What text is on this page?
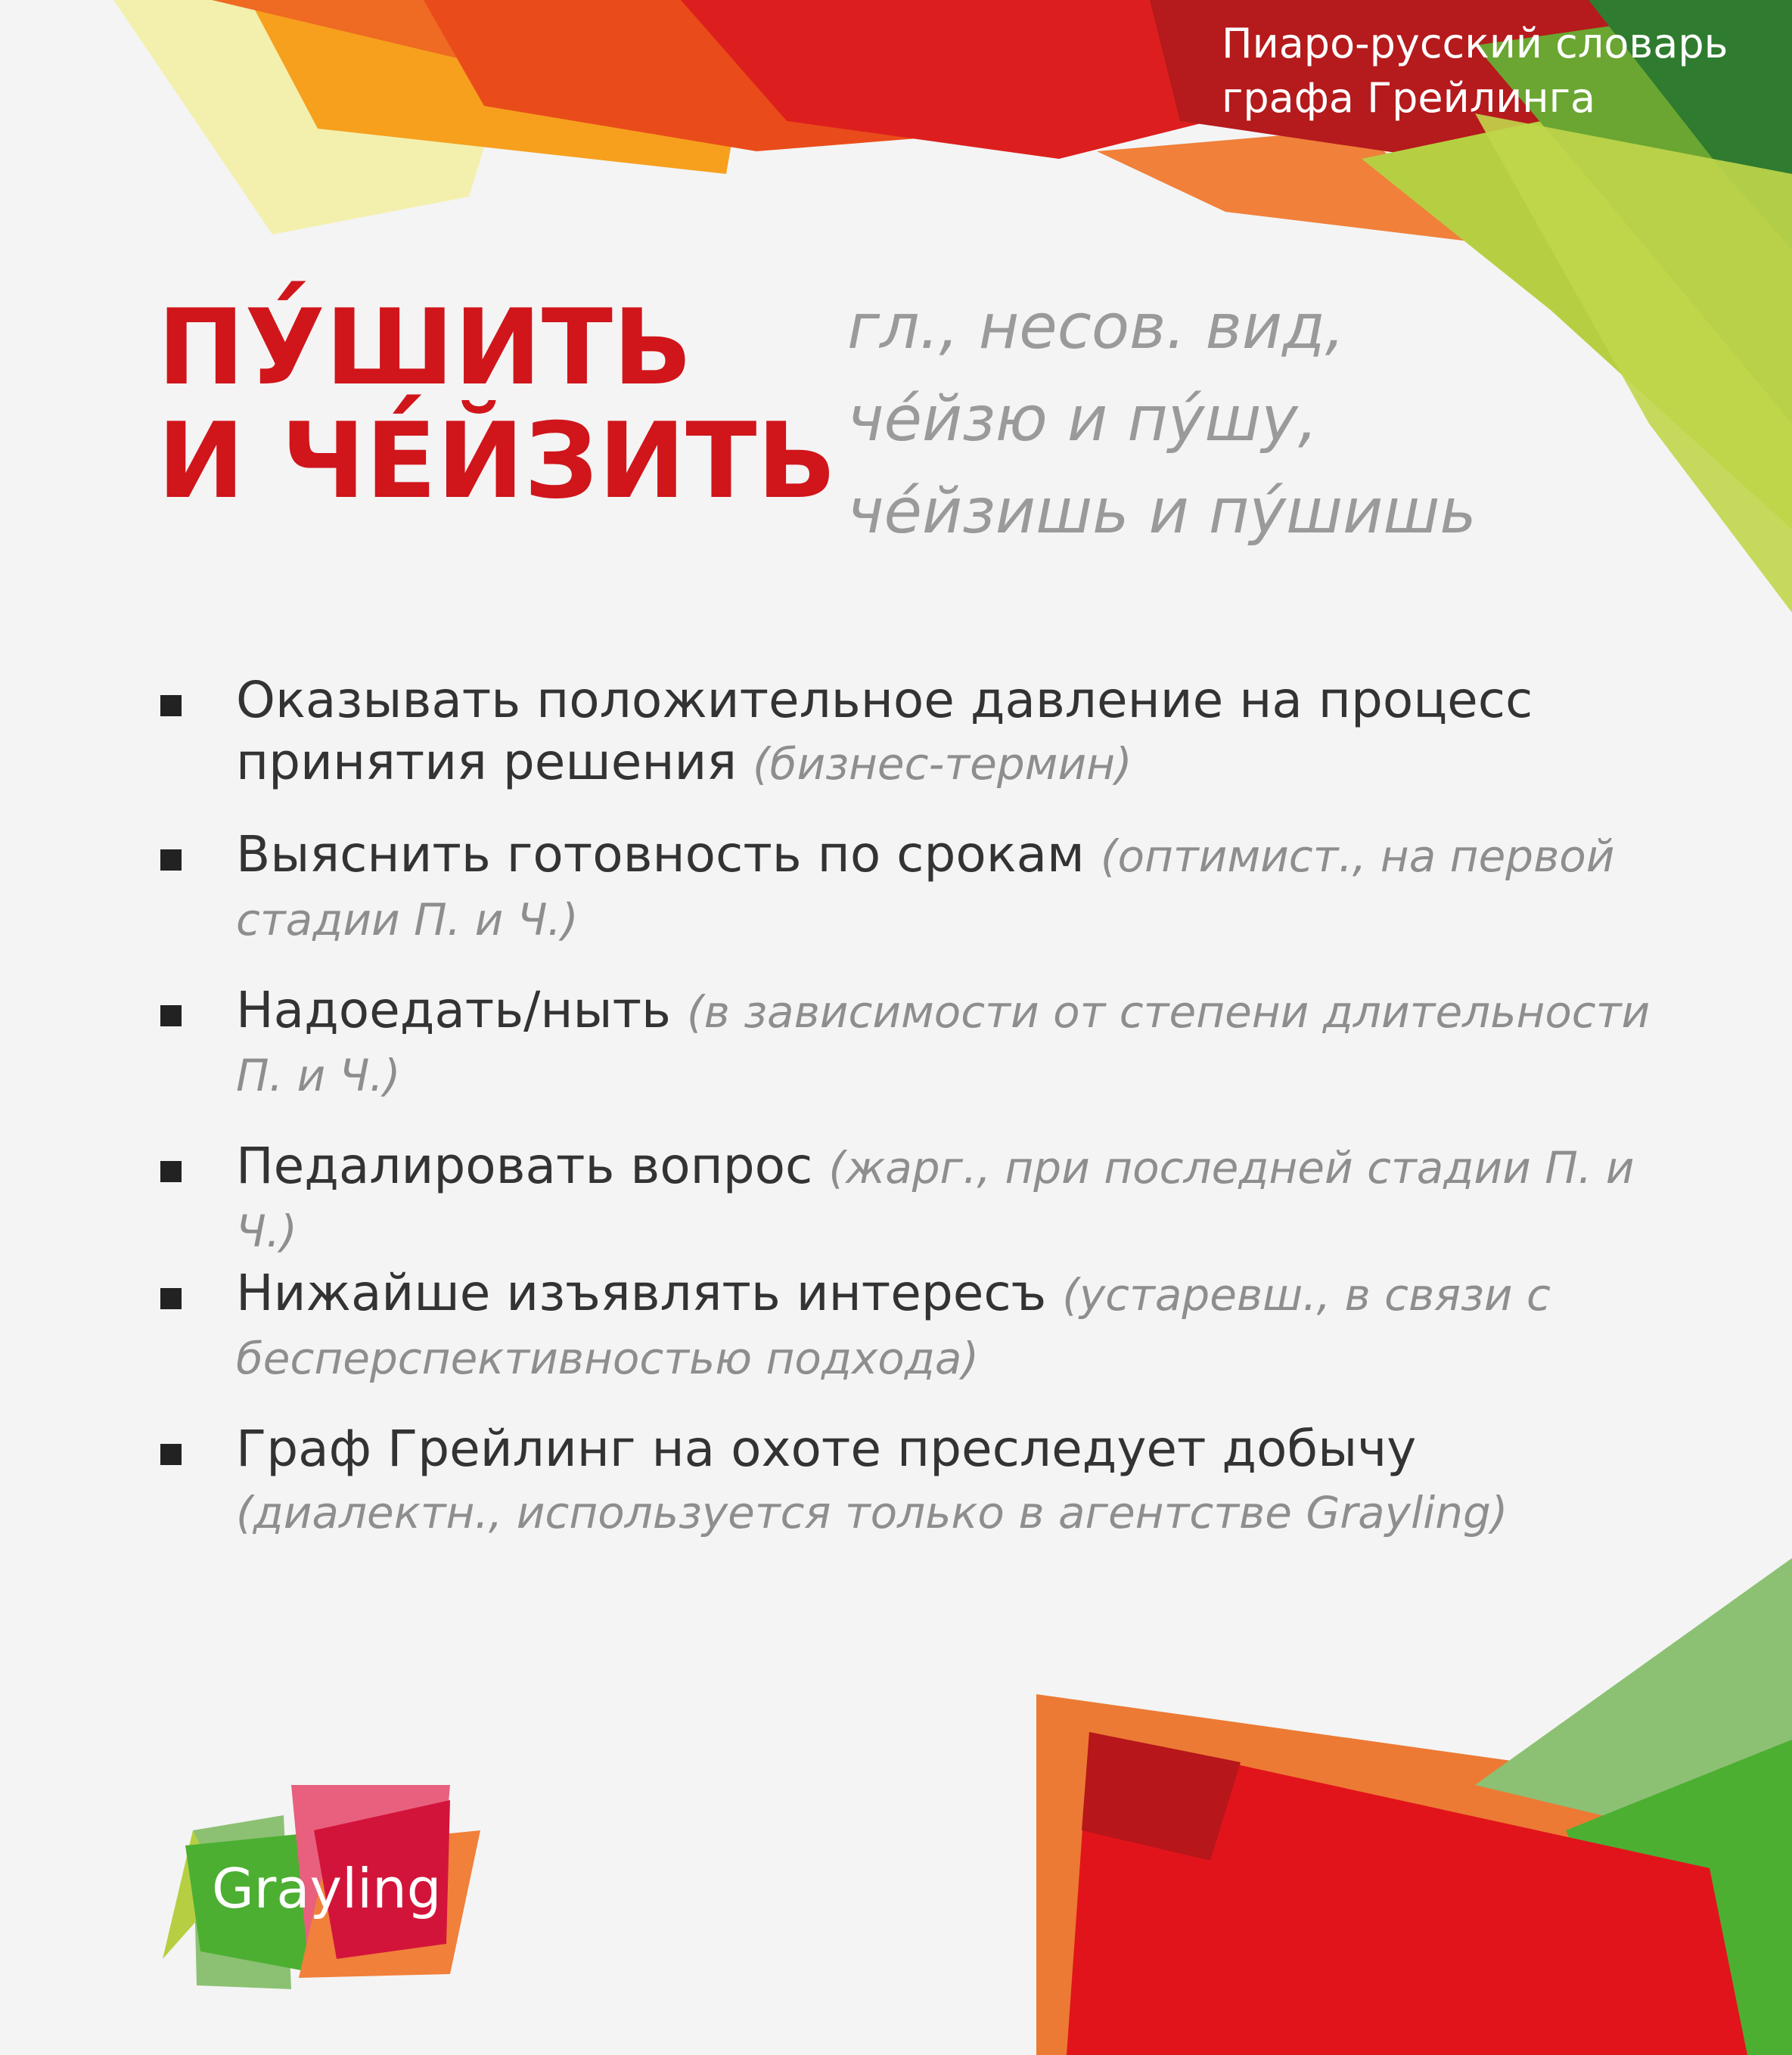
Пиаро-русский словарь
графа Грейлинга
ПУ́ШИТЬ
И ЧЕ́ЙЗИТЬ
гл., несов. вид,
че́йзю и пу́шу,
че́йзишь и пу́шишь
Оказывать положительное давление на процесс принятия решения (бизнес-термин)
Выяснить готовность по срокам (оптимист., на первой стадии П. и Ч.)
Надоедать/ныть (в зависимости от степени длительности П. и Ч.)
Педалировать вопрос (жарг., при последней стадии П. и Ч.)
Нижайше изъявлять интересъ (устаревш., в связи с бесперспективностью подхода)
Граф Грейлинг на охоте преследует добычу (диалектн., используется только в агентстве Grayling)
Grayling
